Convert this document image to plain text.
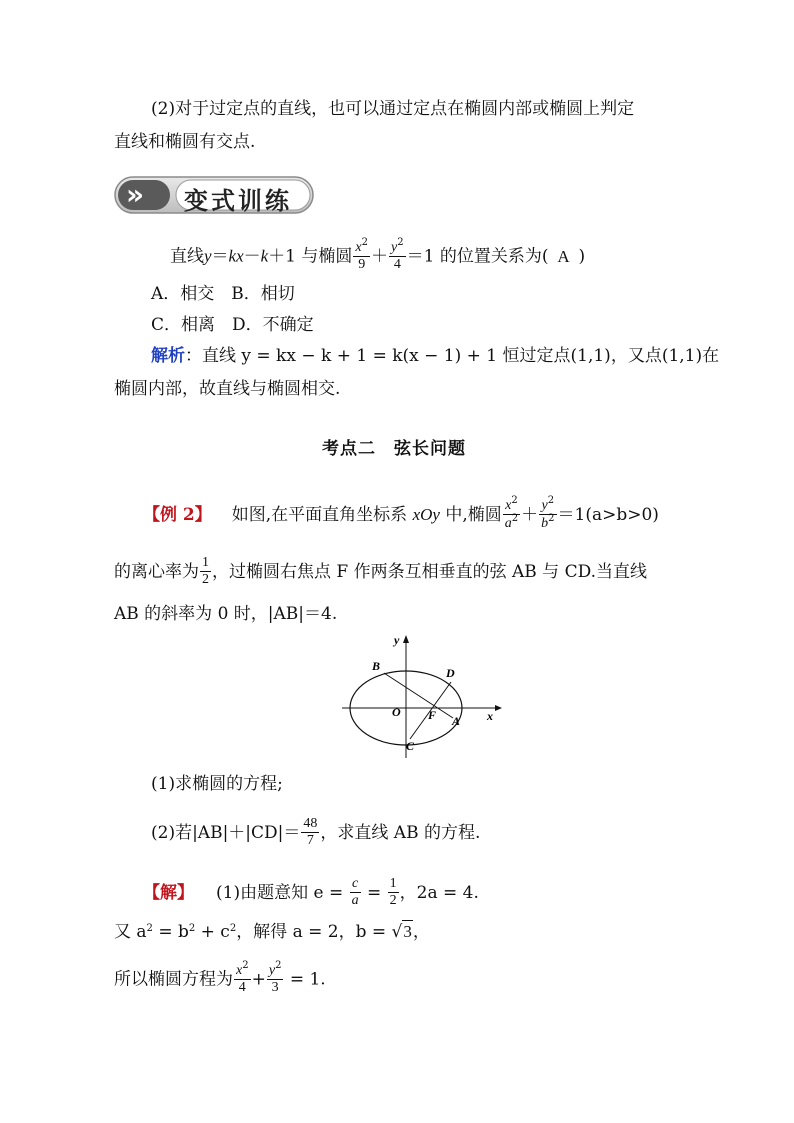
(2)对于过定点的直线，也可以通过定点在椭圆内部或椭圆上判定
直线和椭圆有交点.
» 变式训练
直线y＝kx－k＋1 与椭圆 $\frac{x^2}{9} + \frac{y^2}{4} =1$ 的位置关系为( A )
A．相交　B．相切
C．相离　D．不确定
解析：直线 y = kx − k + 1 = k(x − 1) + 1 恒过定点(1,1)，又点(1,1)在
椭圆内部，故直线与椭圆相交.
考点二　弦长问题
【例 2】 如图,在平面直角坐标系 xOy 中,椭圆 $\frac{x^2}{a^2} + \frac{y^2}{b^2} =1(a>b>0)$
的离心率为 $\frac{1}{2}$ ，过椭圆右焦点 F 作两条互相垂直的弦 AB 与 CD.当直线
AB 的斜率为 0 时，|AB|＝4.
y
x
B	D
O F A
C
(1)求椭圆的方程;
(2)若$|AB|+|CD|= \frac{48}{7}$ ，求直线 AB 的方程.
【解】 (1)由题意知 $e = \frac{c}{a} = \frac{1}{2}$ ，2a = 4.
又 $a^2 = b^2 + c^2$，解得 a = 2，b = √3，
所以椭圆方程为 $\frac{x^2}{4} + \frac{y^2}{3} = 1$.
